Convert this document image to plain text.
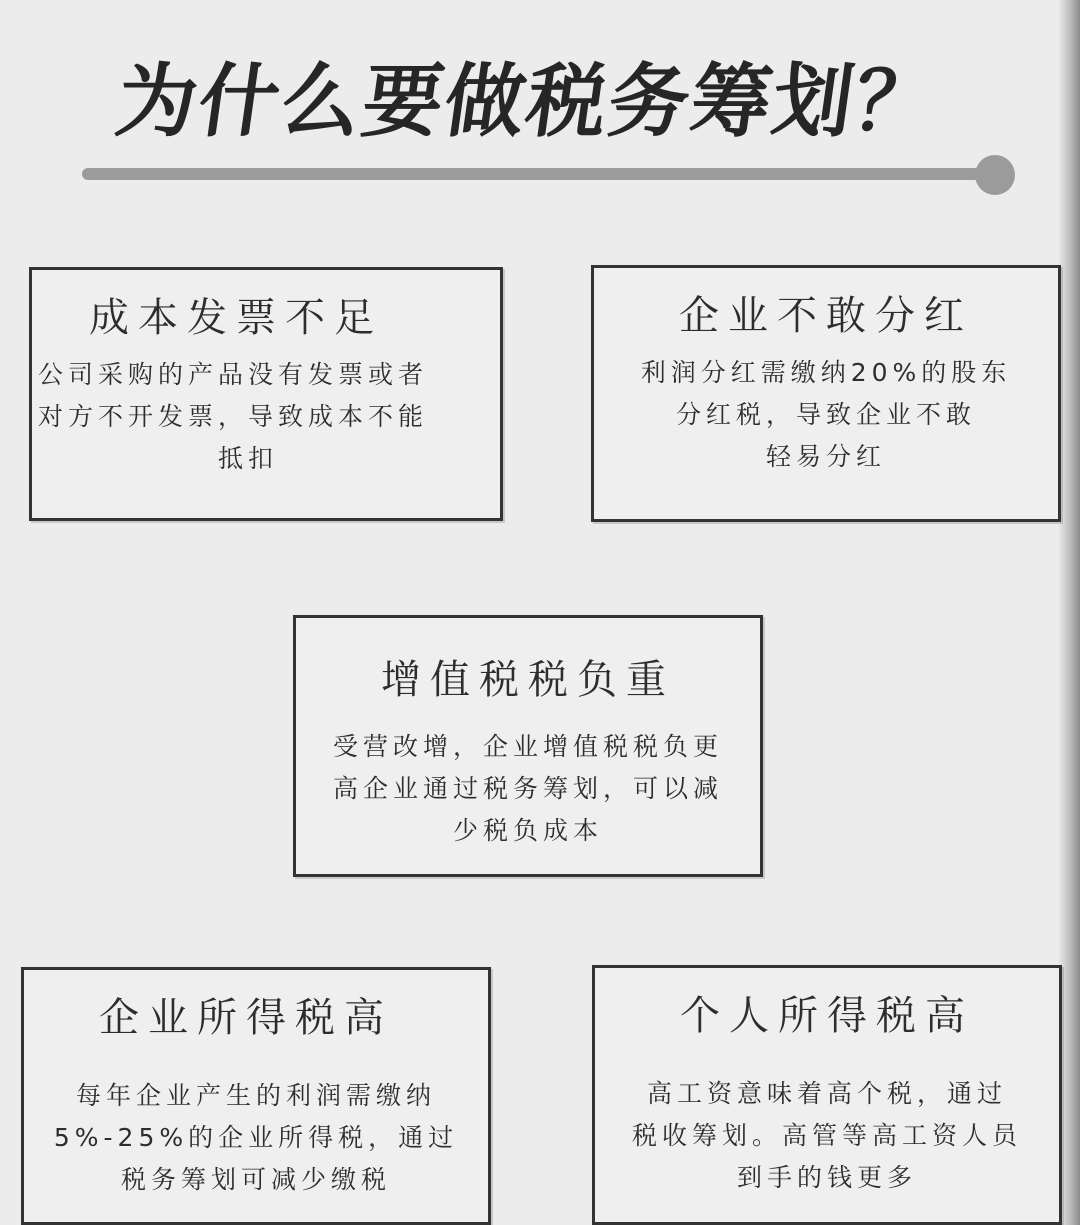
为什么要做税务筹划？
成本发票不足

公司采购的产品没有发票或者
对方不开发票，导致成本不能
抵扣

企业不敢分红

利润分红需缴纳20%的股东
分红税，导致企业不敢
轻易分红

增值税税负重

受营改增，企业增值税税负更
高企业通过税务筹划，可以减
少税负成本

企业所得税高

每年企业产生的利润需缴纳
5%-25%的企业所得税，通过
税务筹划可减少缴税

个人所得税高

高工资意味着高个税，通过
税收筹划。高管等高工资人员
到手的钱更多
